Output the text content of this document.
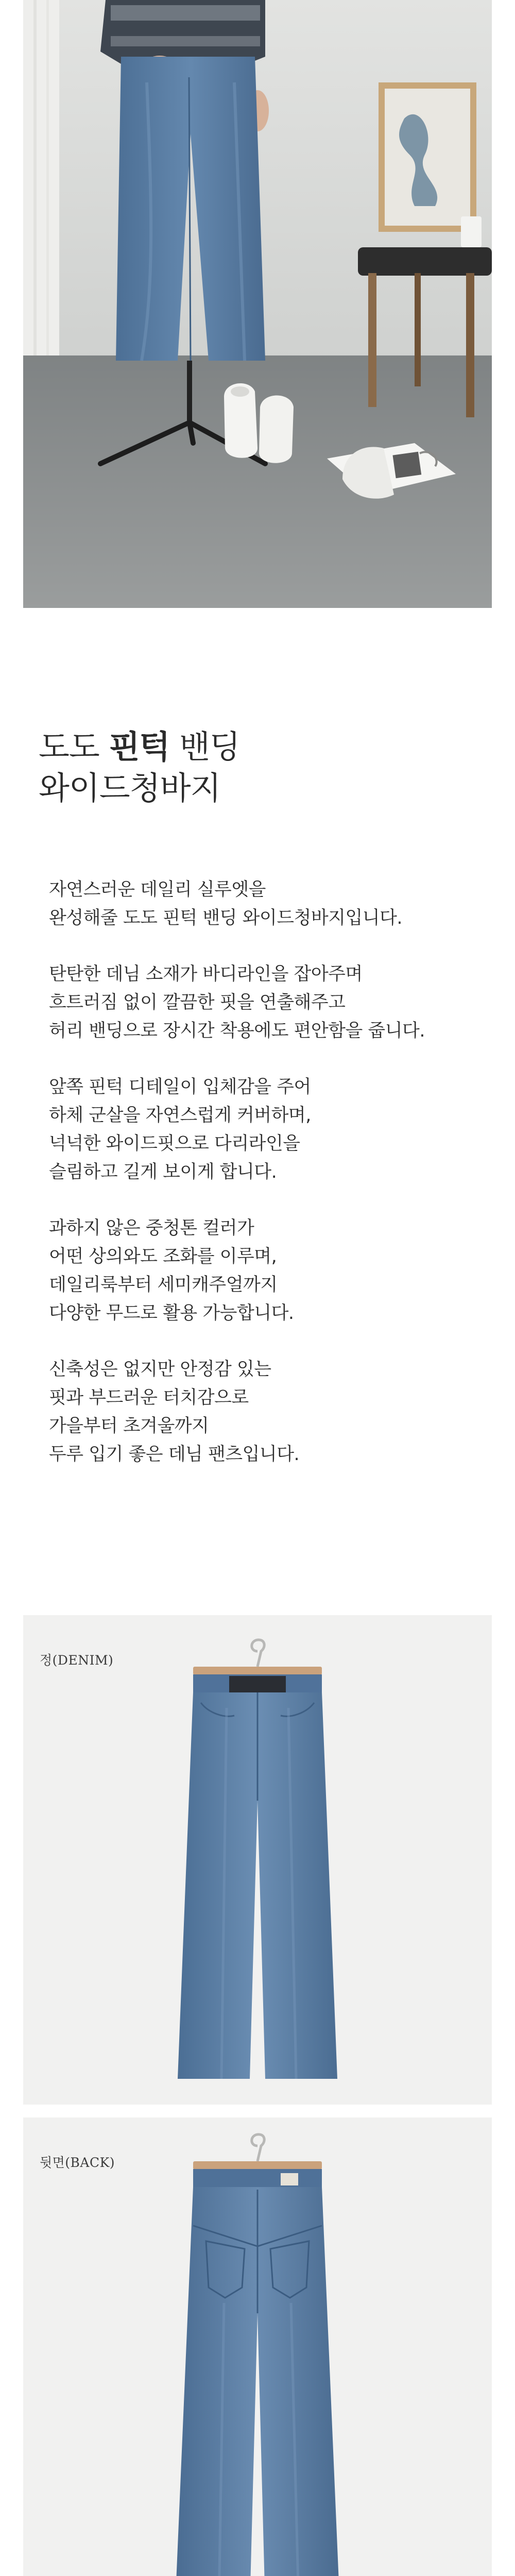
도도 핀턱 밴딩
와이드청바지
자연스러운 데일리 실루엣을
완성해줄 도도 핀턱 밴딩 와이드청바지입니다.
탄탄한 데님 소재가 바디라인을 잡아주며
흐트러짐 없이 깔끔한 핏을 연출해주고
허리 밴딩으로 장시간 착용에도 편안함을 줍니다.
앞쪽 핀턱 디테일이 입체감을 주어
하체 군살을 자연스럽게 커버하며,
넉넉한 와이드핏으로 다리라인을
슬림하고 길게 보이게 합니다.
과하지 않은 중청톤 컬러가
어떤 상의와도 조화를 이루며,
데일리룩부터 세미캐주얼까지
다양한 무드로 활용 가능합니다.
신축성은 없지만 안정감 있는
핏과 부드러운 터치감으로
가을부터 초겨울까지
두루 입기 좋은 데님 팬츠입니다.
정(DENIM)
뒷면(BACK)
